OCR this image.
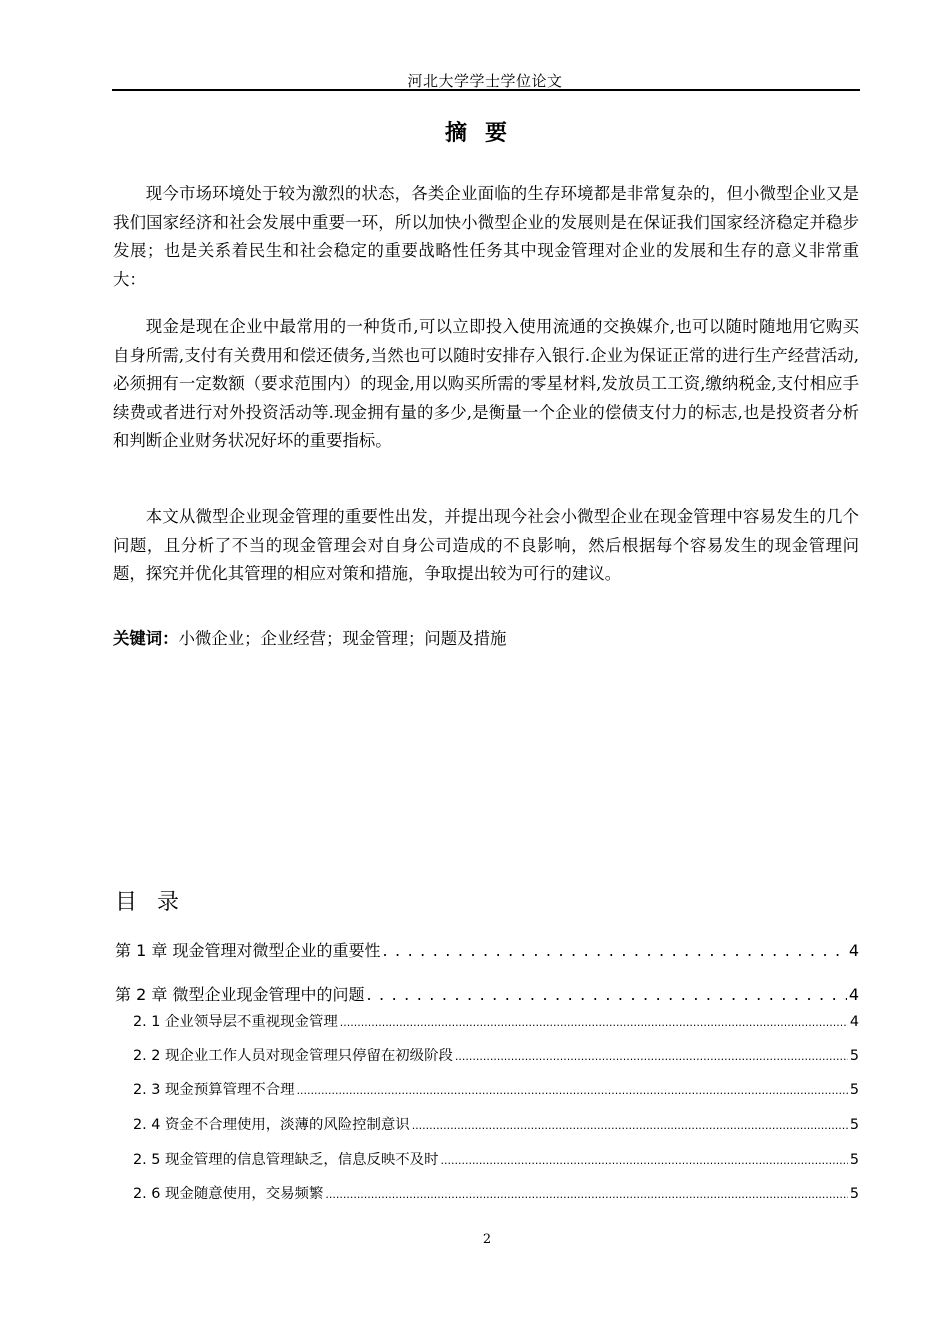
河北大学学士学位论文
摘要

现今市场环境处于较为激烈的状态，各类企业面临的生存环境都是非常复杂的，但小微型企业又是我们国家经济和社会发展中重要一环，所以加快小微型企业的发展则是在保证我们国家经济稳定并稳步发展；也是关系着民生和社会稳定的重要战略性任务其中现金管理对企业的发展和生存的意义非常重大：

现金是现在企业中最常用的一种货币,可以立即投入使用流通的交换媒介,也可以随时随地用它购买自身所需,支付有关费用和偿还债务,当然也可以随时安排存入银行.企业为保证正常的进行生产经营活动,必须拥有一定数额（要求范围内）的现金,用以购买所需的零星材料,发放员工工资,缴纳税金,支付相应手续费或者进行对外投资活动等.现金拥有量的多少,是衡量一个企业的偿债支付力的标志,也是投资者分析和判断企业财务状况好坏的重要指标。

本文从微型企业现金管理的重要性出发，并提出现今社会小微型企业在现金管理中容易发生的几个问题，且分析了不当的现金管理会对自身公司造成的不良影响，然后根据每个容易发生的现金管理问题，探究并优化其管理的相应对策和措施，争取提出较为可行的建议。

关键词：小微企业；企业经营；现金管理；问题及措施
目录
第 1 章 现金管理对微型企业的重要性 . . .	4
第 2 章 微型企业现金管理中的问题 . . .	4
2. 1 企业领导层不重视现金管理 .....	4
2. 2 现企业工作人员对现金管理只停留在初级阶段 .....	5
2. 3 现金预算管理不合理 .....	5
2. 4 资金不合理使用，淡薄的风险控制意识 .....	5
2. 5 现金管理的信息管理缺乏，信息反映不及时 .....	5
2. 6 现金随意使用，交易频繁 .....	5
2
